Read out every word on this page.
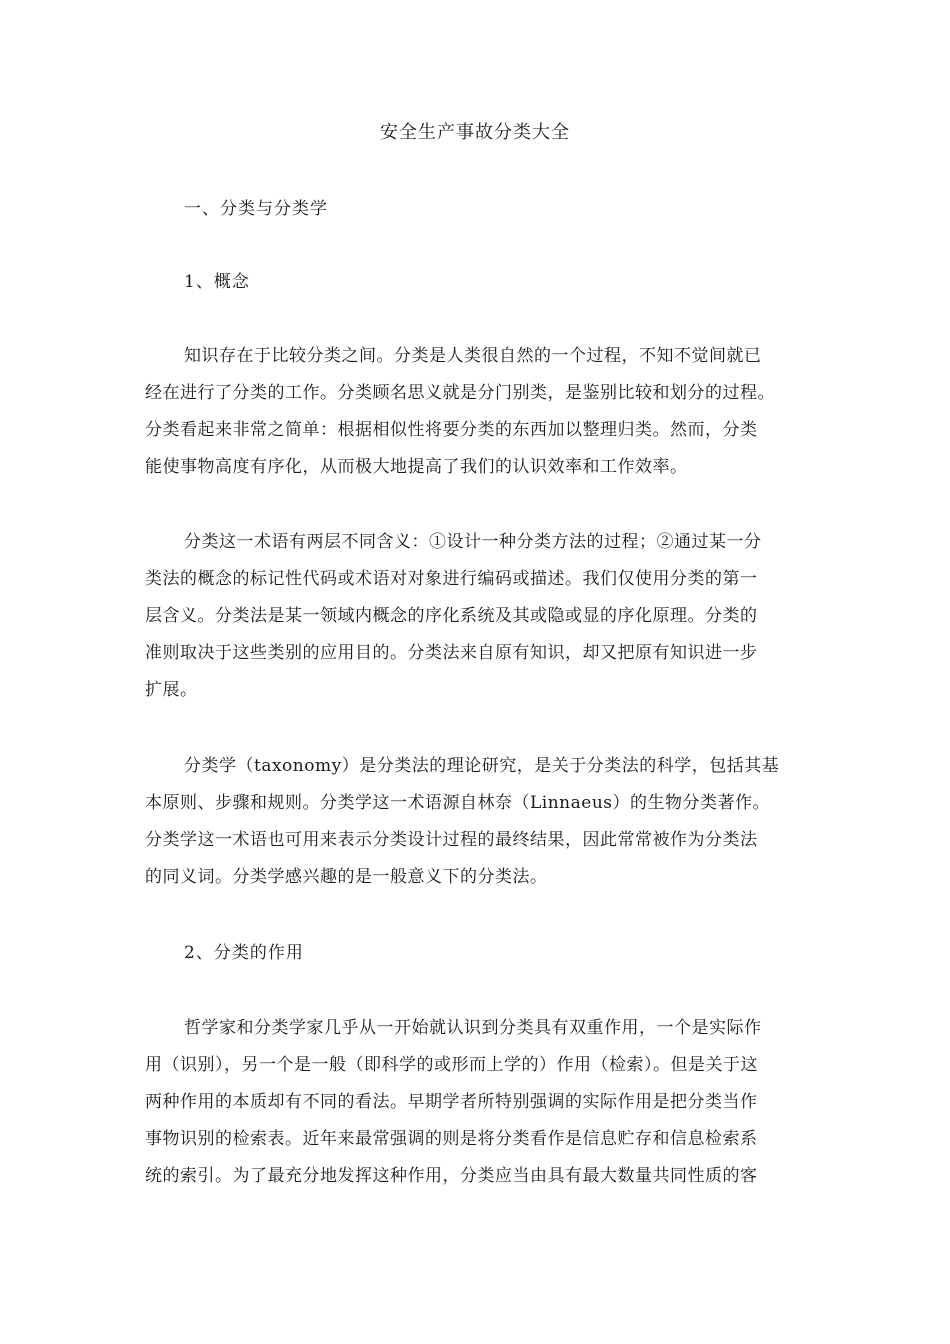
安全生产事故分类大全
一、分类与分类学
1、概念
知识存在于比较分类之间。分类是人类很自然的一个过程，不知不觉间就已
经在进行了分类的工作。分类顾名思义就是分门别类，是鉴别比较和划分的过程。
分类看起来非常之简单：根据相似性将要分类的东西加以整理归类。然而，分类
能使事物高度有序化，从而极大地提高了我们的认识效率和工作效率。
分类这一术语有两层不同含义：①设计一种分类方法的过程；②通过某一分
类法的概念的标记性代码或术语对对象进行编码或描述。我们仅使用分类的第一
层含义。分类法是某一领域内概念的序化系统及其或隐或显的序化原理。分类的
准则取决于这些类别的应用目的。分类法来自原有知识，却又把原有知识进一步
扩展。
分类学（taxonomy）是分类法的理论研究，是关于分类法的科学，包括其基
本原则、步骤和规则。分类学这一术语源自林奈（Linnaeus）的生物分类著作。
分类学这一术语也可用来表示分类设计过程的最终结果，因此常常被作为分类法
的同义词。分类学感兴趣的是一般意义下的分类法。
2、分类的作用
哲学家和分类学家几乎从一开始就认识到分类具有双重作用，一个是实际作
用（识别），另一个是一般（即科学的或形而上学的）作用（检索）。但是关于这
两种作用的本质却有不同的看法。早期学者所特别强调的实际作用是把分类当作
事物识别的检索表。近年来最常强调的则是将分类看作是信息贮存和信息检索系
统的索引。为了最充分地发挥这种作用，分类应当由具有最大数量共同性质的客
